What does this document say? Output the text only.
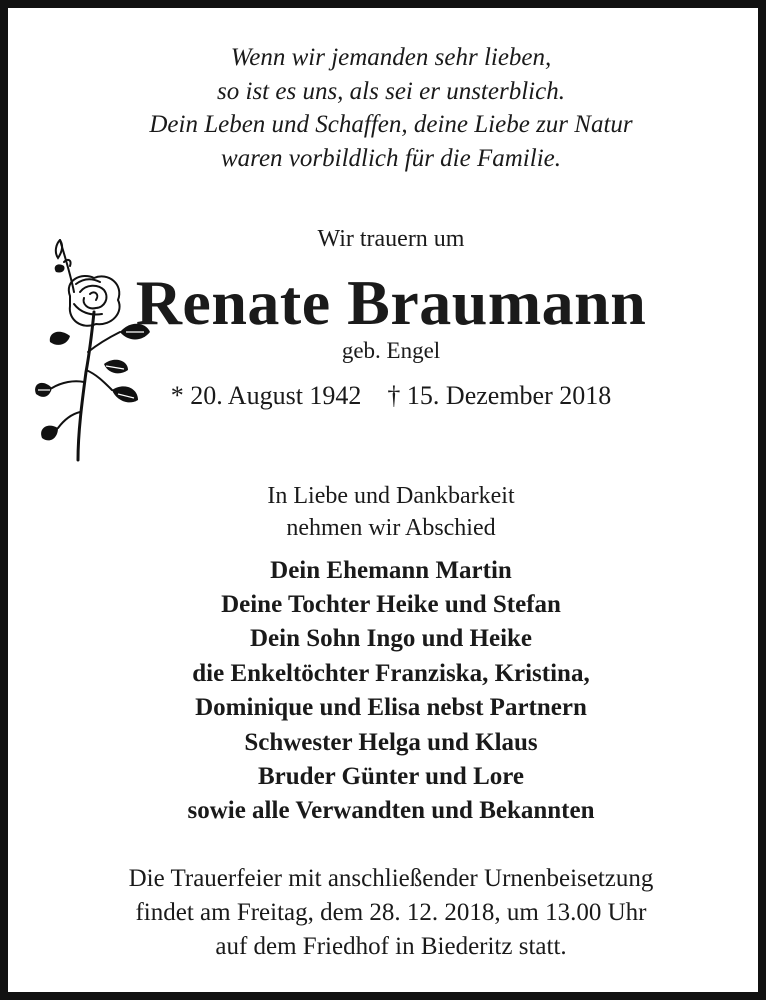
Wenn wir jemanden sehr lieben,
so ist es uns, als sei er unsterblich.
Dein Leben und Schaffen, deine Liebe zur Natur
waren vorbildlich für die Familie.
Wir trauern um
Renate Braumann
geb. Engel
* 20. August 1942 † 15. Dezember 2018
In Liebe und Dankbarkeit
nehmen wir Abschied
Dein Ehemann Martin
Deine Tochter Heike und Stefan
Dein Sohn Ingo und Heike
die Enkeltöchter Franziska, Kristina,
Dominique und Elisa nebst Partnern
Schwester Helga und Klaus
Bruder Günter und Lore
sowie alle Verwandten und Bekannten
Die Trauerfeier mit anschließender Urnenbeisetzung
findet am Freitag, dem 28. 12. 2018, um 13.00 Uhr
auf dem Friedhof in Biederitz statt.
